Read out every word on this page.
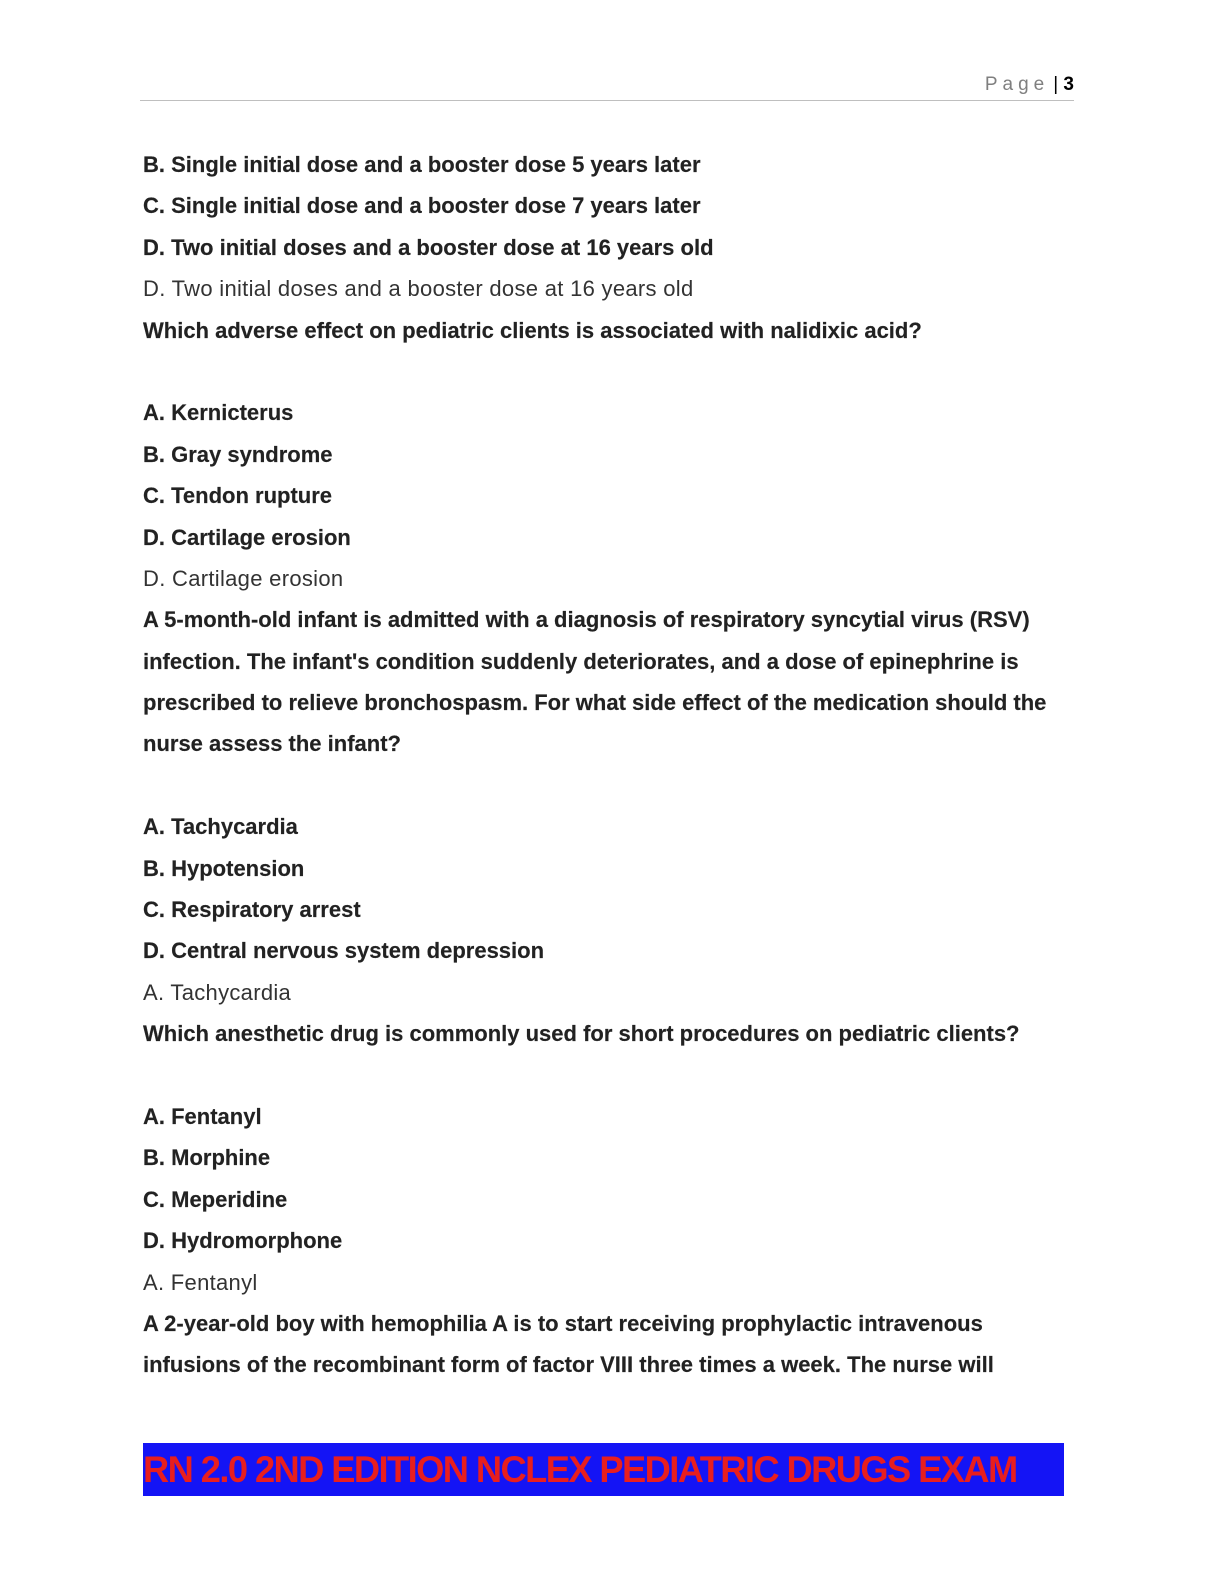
Page | 3
B. Single initial dose and a booster dose 5 years later
C. Single initial dose and a booster dose 7 years later
D. Two initial doses and a booster dose at 16 years old
D. Two initial doses and a booster dose at 16 years old
Which adverse effect on pediatric clients is associated with nalidixic acid?
A. Kernicterus
B. Gray syndrome
C. Tendon rupture
D. Cartilage erosion
D. Cartilage erosion
A 5-month-old infant is admitted with a diagnosis of respiratory syncytial virus (RSV)
infection. The infant's condition suddenly deteriorates, and a dose of epinephrine is
prescribed to relieve bronchospasm. For what side effect of the medication should the
nurse assess the infant?
A. Tachycardia
B. Hypotension
C. Respiratory arrest
D. Central nervous system depression
A. Tachycardia
Which anesthetic drug is commonly used for short procedures on pediatric clients?
A. Fentanyl
B. Morphine
C. Meperidine
D. Hydromorphone
A. Fentanyl
A 2-year-old boy with hemophilia A is to start receiving prophylactic intravenous
infusions of the recombinant form of factor VIII three times a week. The nurse will
RN 2.0 2ND EDITION NCLEX PEDIATRIC DRUGS EXAM
